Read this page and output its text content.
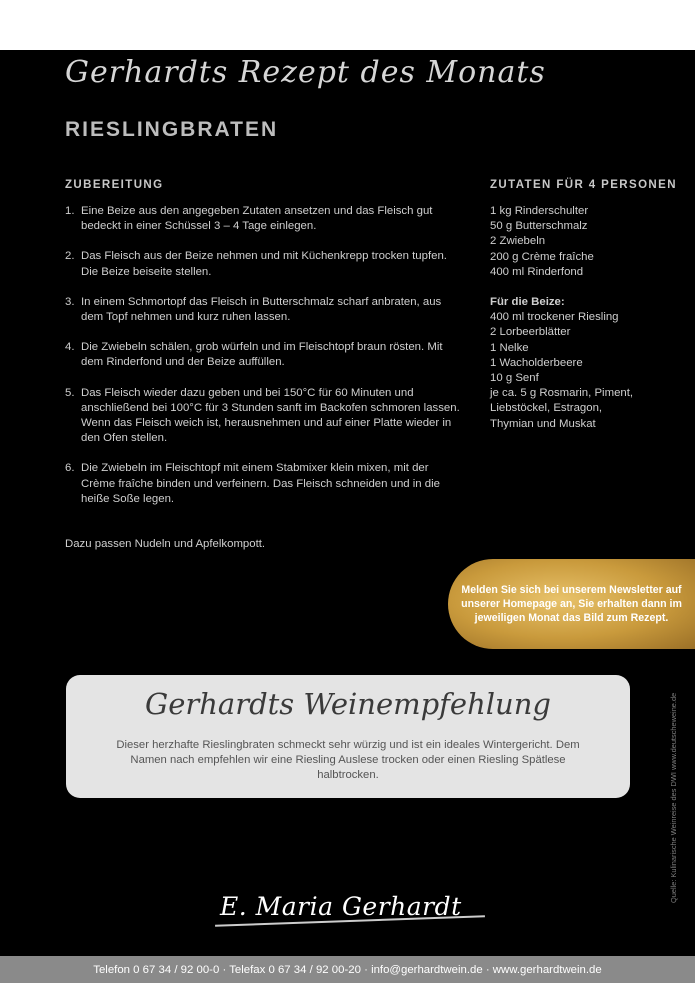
Gerhardts Rezept des Monats
RIESLINGBRATEN
ZUBEREITUNG
1. Eine Beize aus den angegeben Zutaten ansetzen und das Fleisch gut bedeckt in einer Schüssel 3 – 4 Tage einlegen.
2. Das Fleisch aus der Beize nehmen und mit Küchenkrepp trocken tupfen. Die Beize beiseite stellen.
3. In einem Schmortopf das Fleisch in Butterschmalz scharf anbraten, aus dem Topf nehmen und kurz ruhen lassen.
4. Die Zwiebeln schälen, grob würfeln und im Fleischtopf braun rösten. Mit dem Rinderfond und der Beize auffüllen.
5. Das Fleisch wieder dazu geben und bei 150°C für 60 Minuten und anschließend bei 100°C für 3 Stunden sanft im Backofen schmoren lassen. Wenn das Fleisch weich ist, herausnehmen und auf einer Platte wieder in den Ofen stellen.
6. Die Zwiebeln im Fleischtopf mit einem Stabmixer klein mixen, mit der Crème fraîche binden und verfeinern. Das Fleisch schneiden und in die heiße Soße legen.

Dazu passen Nudeln und Apfelkompott.

ZUTATEN FÜR 4 PERSONEN
1 kg Rinderschulter
50 g Butterschmalz
2 Zwiebeln
200 g Crème fraîche
400 ml Rinderfond
Für die Beize:
400 ml trockener Riesling
2 Lorbeerblätter
1 Nelke
1 Wacholderbeere
10 g Senf
je ca. 5 g Rosmarin, Piment,
Liebstöckel, Estragon,
Thymian und Muskat

Melden Sie sich bei unserem Newsletter auf unserer Homepage an, Sie erhalten dann im jeweiligen Monat das Bild zum Rezept.

Gerhardts Weinempfehlung

Dieser herzhafte Rieslingbraten schmeckt sehr würzig und ist ein ideales Wintergericht. Dem Namen nach empfehlen wir eine Riesling Auslese trocken oder einen Riesling Spätlese halbtrocken.	Quelle: Kulinarische Weinreise des DWI www.deutscheweine.de
E. Maria Gerhardt
Telefon 0 67 34 / 92 00-0 · Telefax 0 67 34 / 92 00-20 · info@gerhardtwein.de · www.gerhardtwein.de
